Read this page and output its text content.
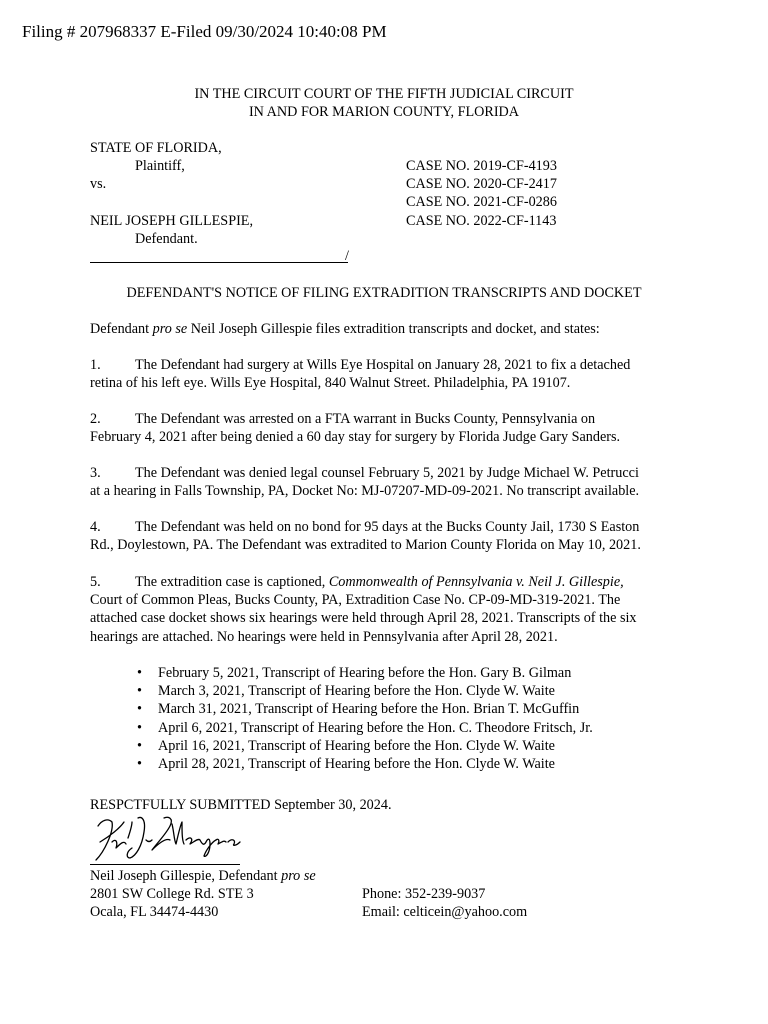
Filing # 207968337 E-Filed 09/30/2024 10:40:08 PM
IN THE CIRCUIT COURT OF THE FIFTH JUDICIAL CIRCUIT
IN AND FOR MARION COUNTY, FLORIDA
STATE OF FLORIDA,
Plaintiff,
vs.
NEIL JOSEPH GILLESPIE,
Defendant.
/
CASE NO. 2019-CF-4193
CASE NO. 2020-CF-2417
CASE NO. 2021-CF-0286
CASE NO. 2022-CF-1143
DEFENDANT'S NOTICE OF FILING EXTRADITION TRANSCRIPTS AND DOCKET
Defendant pro se Neil Joseph Gillespie files extradition transcripts and docket, and states:
1. The Defendant had surgery at Wills Eye Hospital on January 28, 2021 to fix a detached
retina of his left eye. Wills Eye Hospital, 840 Walnut Street. Philadelphia, PA 19107.
2. The Defendant was arrested on a FTA warrant in Bucks County, Pennsylvania on
February 4, 2021 after being denied a 60 day stay for surgery by Florida Judge Gary Sanders.
3. The Defendant was denied legal counsel February 5, 2021 by Judge Michael W. Petrucci
at a hearing in Falls Township, PA, Docket No: MJ-07207-MD-09-2021. No transcript available.
4. The Defendant was held on no bond for 95 days at the Bucks County Jail, 1730 S Easton
Rd., Doylestown, PA. The Defendant was extradited to Marion County Florida on May 10, 2021.
5. The extradition case is captioned, Commonwealth of Pennsylvania v. Neil J. Gillespie,
Court of Common Pleas, Bucks County, PA, Extradition Case No. CP-09-MD-319-2021. The
attached case docket shows six hearings were held through April 28, 2021. Transcripts of the six
hearings are attached. No hearings were held in Pennsylvania after April 28, 2021.
• February 5, 2021, Transcript of Hearing before the Hon. Gary B. Gilman
• March 3, 2021, Transcript of Hearing before the Hon. Clyde W. Waite
• March 31, 2021, Transcript of Hearing before the Hon. Brian T. McGuffin
• April 6, 2021, Transcript of Hearing before the Hon. C. Theodore Fritsch, Jr.
• April 16, 2021, Transcript of Hearing before the Hon. Clyde W. Waite
• April 28, 2021, Transcript of Hearing before the Hon. Clyde W. Waite
RESPCTFULLY SUBMITTED September 30, 2024.
Neil Joseph Gillespie, Defendant pro se
2801 SW College Rd. STE 3
Ocala, FL 34474-4430
Phone: 352-239-9037
Email: celticein@yahoo.com
